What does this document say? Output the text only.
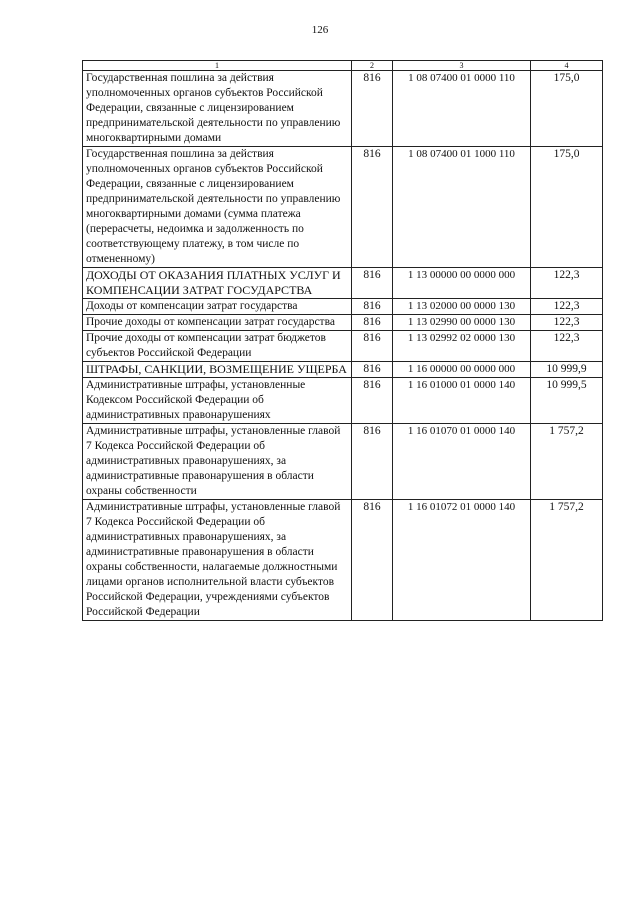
126
1	2	3	4
Государственная пошлина за действия уполномоченных органов субъектов Российской Федерации, связанные с лицензированием предпринимательской деятельности по управлению многоквартирными домами	816	1 08 07400 01 0000 110	175,0
Государственная пошлина за действия уполномоченных органов субъектов Российской Федерации, связанные с лицензированием предпринимательской деятельности по управлению многоквартирными домами (сумма платежа (перерасчеты, недоимка и задолженность по соответствующему платежу, в том числе по отмененному)	816	1 08 07400 01 1000 110	175,0
ДОХОДЫ ОТ ОКАЗАНИЯ ПЛАТНЫХ УСЛУГ И КОМПЕНСАЦИИ ЗАТРАТ ГОСУДАРСТВА	816	1 13 00000 00 0000 000	122,3
Доходы от компенсации затрат государства	816	1 13 02000 00 0000 130	122,3
Прочие доходы от компенсации затрат государства	816	1 13 02990 00 0000 130	122,3
Прочие доходы от компенсации затрат бюджетов субъектов Российской Федерации	816	1 13 02992 02 0000 130	122,3
ШТРАФЫ, САНКЦИИ, ВОЗМЕЩЕНИЕ УЩЕРБА	816	1 16 00000 00 0000 000	10 999,9
Административные штрафы, установленные Кодексом Российской Федерации об административных правонарушениях	816	1 16 01000 01 0000 140	10 999,5
Административные штрафы, установленные главой 7 Кодекса Российской Федерации об административных правонарушениях, за административные правонарушения в области охраны собственности	816	1 16 01070 01 0000 140	1 757,2
Административные штрафы, установленные главой 7 Кодекса Российской Федерации об административных правонарушениях, за административные правонарушения в области охраны собственности, налагаемые должностными лицами органов исполнительной власти субъектов Российской Федерации, учреждениями субъектов Российской Федерации	816	1 16 01072 01 0000 140	1 757,2
